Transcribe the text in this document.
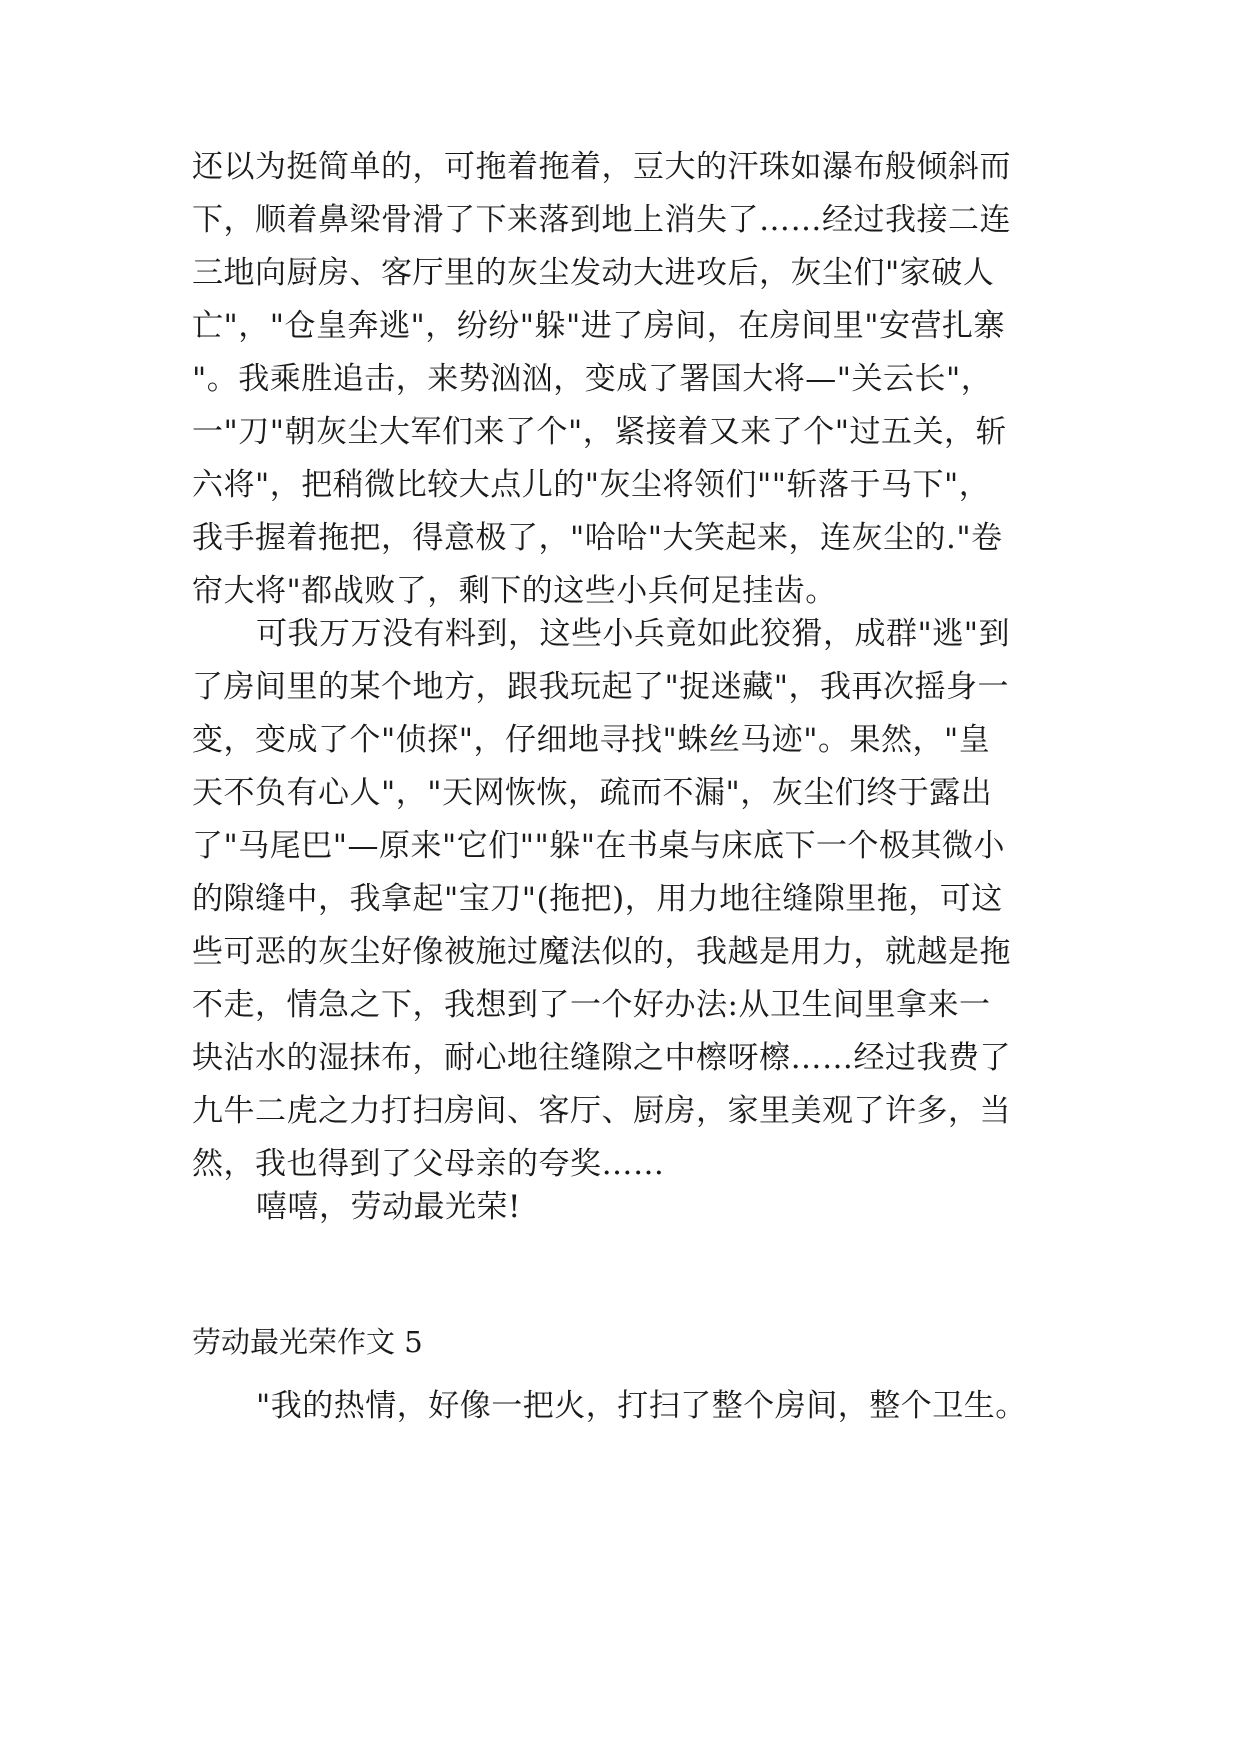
还以为挺简单的，可拖着拖着，豆大的汗珠如瀑布般倾斜而
下，顺着鼻梁骨滑了下来落到地上消失了……经过我接二连
三地向厨房、客厅里的灰尘发动大进攻后，灰尘们"家破人
亡"，"仓皇奔逃"，纷纷"躲"进了房间，在房间里"安营扎寨
"。我乘胜追击，来势汹汹，变成了署国大将—"关云长"，
一"刀"朝灰尘大军们来了个"，紧接着又来了个"过五关，斩
六将"，把稍微比较大点儿的"灰尘将领们""斩落于马下"，
我手握着拖把，得意极了，"哈哈"大笑起来，连灰尘的."卷
帘大将"都战败了，剩下的这些小兵何足挂齿。
可我万万没有料到，这些小兵竟如此狡猾，成群"逃"到
了房间里的某个地方，跟我玩起了"捉迷藏"，我再次摇身一
变，变成了个"侦探"，仔细地寻找"蛛丝马迹"。果然，"皇
天不负有心人"，"天网恢恢，疏而不漏"，灰尘们终于露出
了"马尾巴"—原来"它们""躲"在书桌与床底下一个极其微小
的隙缝中，我拿起"宝刀"(拖把)，用力地往缝隙里拖，可这
些可恶的灰尘好像被施过魔法似的，我越是用力，就越是拖
不走，情急之下，我想到了一个好办法:从卫生间里拿来一
块沾水的湿抹布，耐心地往缝隙之中檫呀檫……经过我费了
九牛二虎之力打扫房间、客厅、厨房，家里美观了许多，当
然，我也得到了父母亲的夸奖……
嘻嘻，劳动最光荣!
劳动最光荣作文 5
"我的热情，好像一把火，打扫了整个房间，整个卫生。
